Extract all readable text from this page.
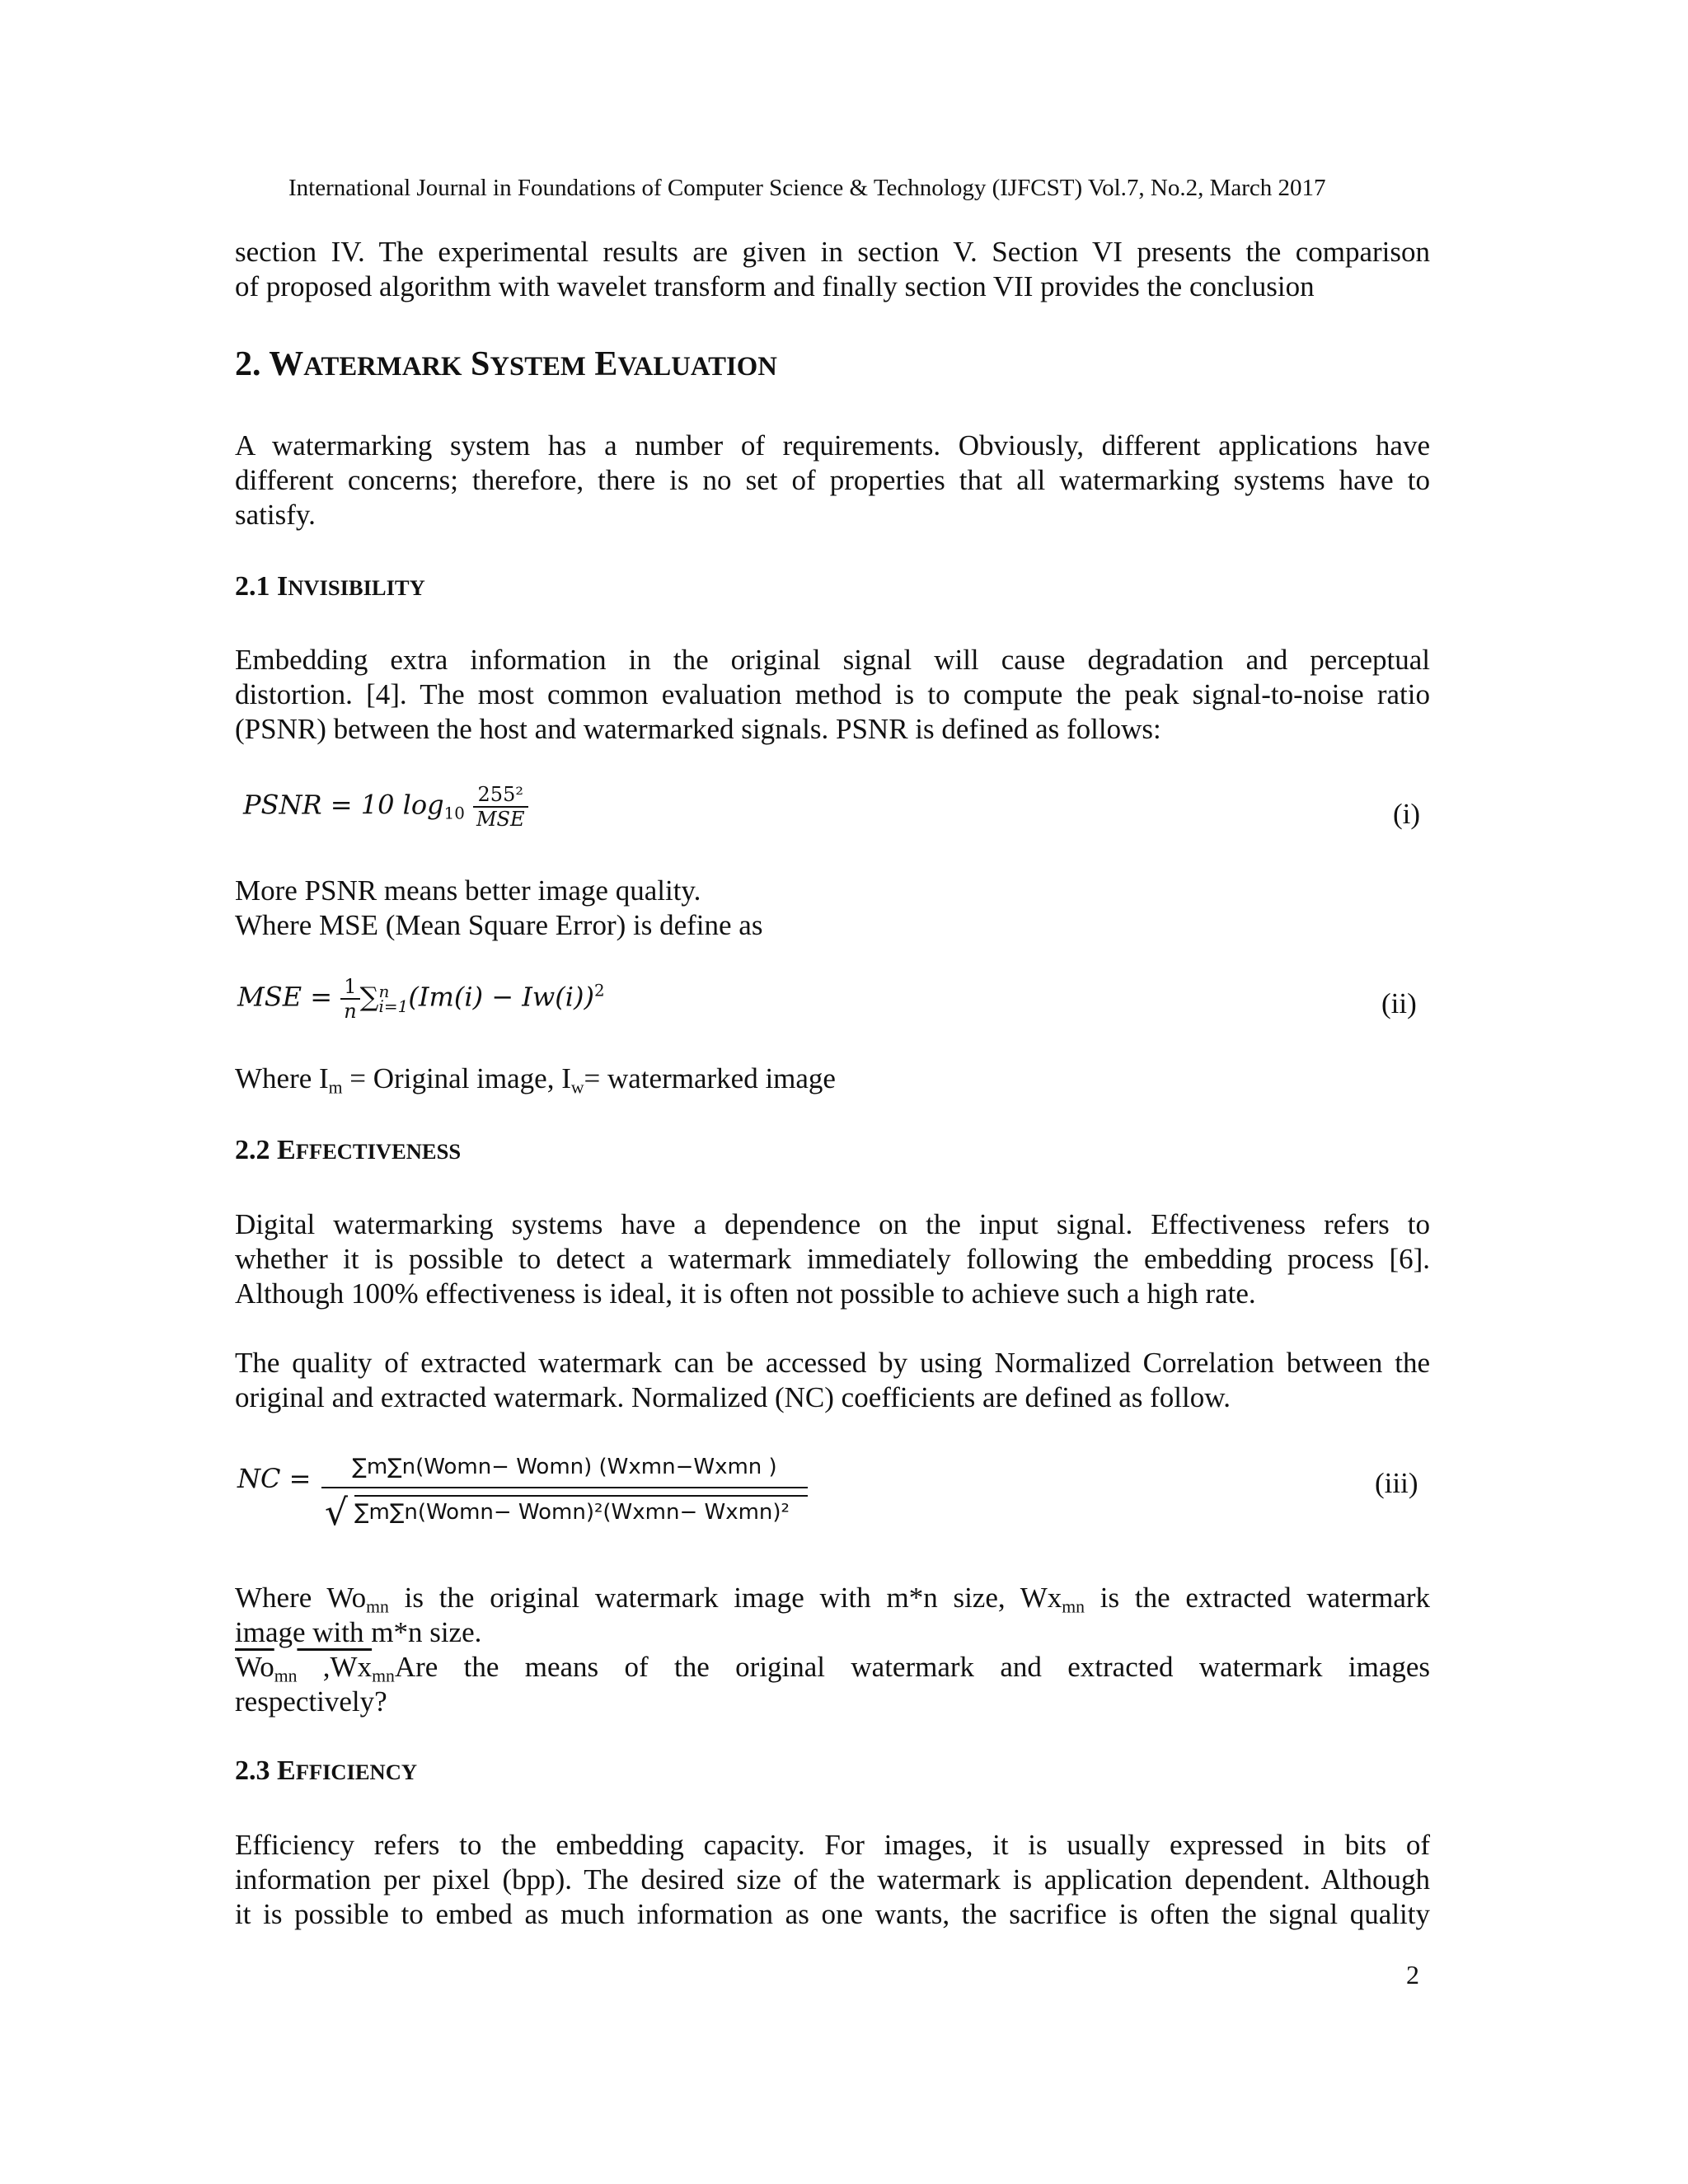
International Journal in Foundations of Computer Science & Technology (IJFCST) Vol.7, No.2, March 2017
section IV. The experimental results are given in section V. Section VI presents the comparison
of proposed algorithm with wavelet transform and finally section VII provides the conclusion
2. WATERMARK SYSTEM EVALUATION
A watermarking system has a number of requirements. Obviously, different applications have
different concerns; therefore, there is no set of properties that all watermarking systems have to
satisfy.
2.1 INVISIBILITY
Embedding extra information in the original signal will cause degradation and perceptual
distortion. [4]. The most common evaluation method is to compute the peak signal-to-noise ratio
(PSNR) between the host and watermarked signals. PSNR is defined as follows:
PSNR = 10 $\log_{10} \frac{\text{255²}}{\text{MSE}}$	(i)
More PSNR means better image quality.
Where MSE (Mean Square Error) is define as
MSE = $\frac{1}{n}$ ∑ n
i=1 $(Im(i) - Iw(i))^2$	(ii)
Where $I_m$ = Original image, $I_w=$ watermarked image
2.2 EFFECTIVENESS
Digital watermarking systems have a dependence on the input signal. Effectiveness refers to
whether it is possible to detect a watermark immediately following the embedding process [6].
Although 100% effectiveness is ideal, it is often not possible to achieve such a high rate.
The quality of extracted watermark can be accessed by using Normalized Correlation between the
original and extracted watermark. Normalized (NC) coefficients are defined as follow.
NC =	∑m∑n(Womn− Womn) (Wxmn−Wxmn )
√ ∑m∑n(Womn− Womn)²(Wxmn− Wxmn)²
(iii)
Where $Wo_{mn}$ is the original watermark image with m*n size, $Wx_{mn}$ is the extracted watermark
image with m*n size.
$\overline{Wo}_{mn}$ $,Wx_{mn}Are$ the means of the original watermark and extracted watermark images
respectively?
2.3 EFFICIENCY
Efficiency refers to the embedding capacity. For images, it is usually expressed in bits of
information per pixel (bpp). The desired size of the watermark is application dependent. Although
it is possible to embed as much information as one wants, the sacrifice is often the signal quality
2
